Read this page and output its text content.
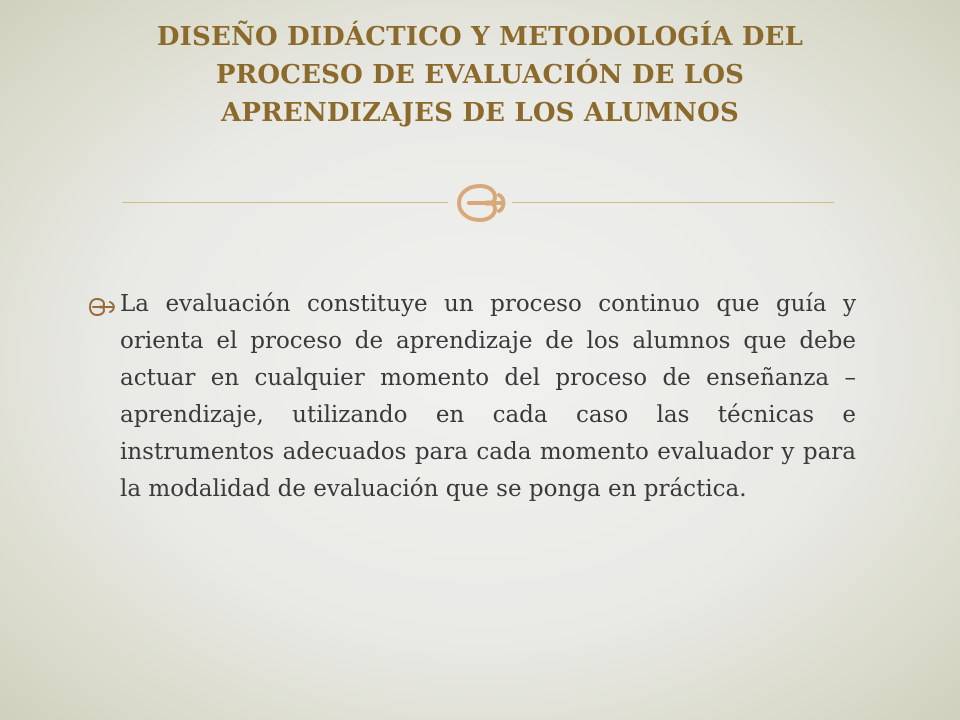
DISEÑO DIDÁCTICO Y METODOLOGÍA DEL
PROCESO DE EVALUACIÓN DE LOS
APRENDIZAJES DE LOS ALUMNOS
La evaluación constituye un proceso continuo que guía y orienta el proceso de aprendizaje de los alumnos que debe actuar en cualquier momento del proceso de enseñanza –aprendizaje, utilizando en cada caso las técnicas e instrumentos adecuados para cada momento evaluador y para la modalidad de evaluación que se ponga en práctica.
